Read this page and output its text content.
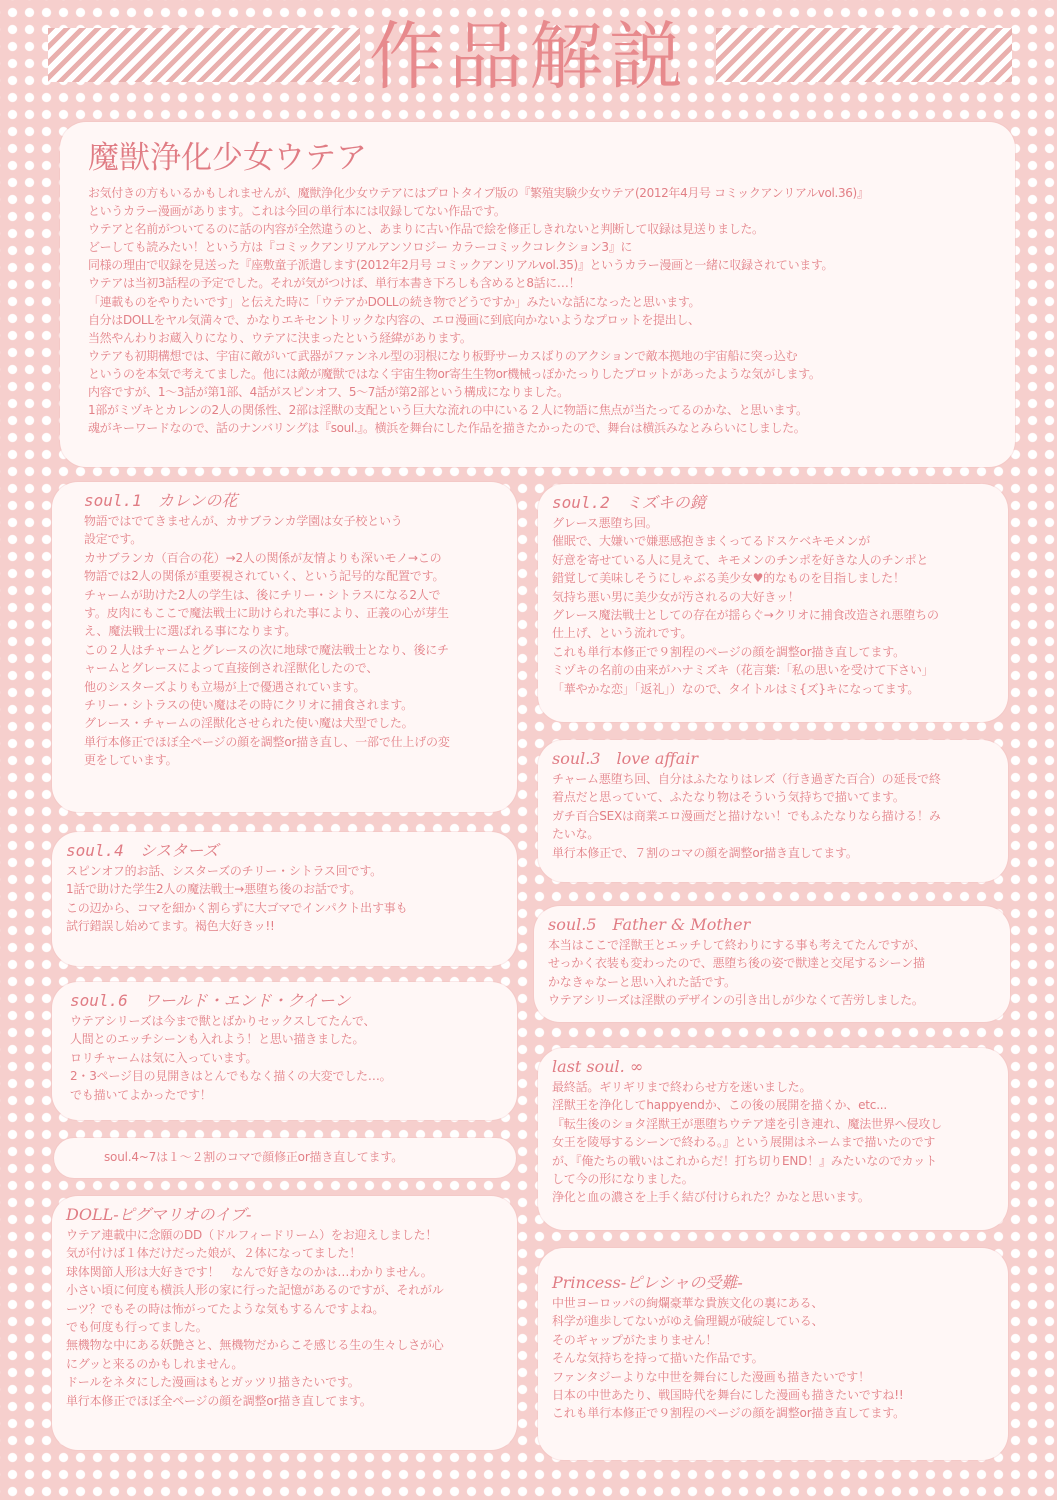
作品解説
魔獣浄化少女ウテア
お気付きの方もいるかもしれませんが、魔獣浄化少女ウテアにはプロトタイプ版の『繁殖実験少女ウテア(2012年4月号 コミックアンリアルvol.36)』
というカラー漫画があります。これは今回の単行本には収録してない作品です。
ウテアと名前がついてるのに話の内容が全然違うのと、あまりに古い作品で絵を修正しきれないと判断して収録は見送りました。
どーしても読みたい！という方は『コミックアンリアルアンソロジー カラーコミックコレクション3』に
同様の理由で収録を見送った『座敷童子派遣します(2012年2月号 コミックアンリアルvol.35)』というカラー漫画と一緒に収録されています。
ウテアは当初3話程の予定でした。それが気がつけば、単行本書き下ろしも含めると8話に…！
「連載ものをやりたいです」と伝えた時に「ウテアかDOLLの続き物でどうですか」みたいな話になったと思います。
自分はDOLLをヤル気満々で、かなりエキセントリックな内容の、エロ漫画に到底向かないようなプロットを提出し、
当然やんわりお蔵入りになり、ウテアに決まったという経緯があります。
ウテアも初期構想では、宇宙に敵がいて武器がファンネル型の羽根になり板野サーカスばりのアクションで敵本拠地の宇宙船に突っ込む
というのを本気で考えてました。他には敵が魔獣ではなく宇宙生物or寄生生物or機械っぽかたっりしたプロットがあったような気がします。
内容ですが、1～3話が第1部、4話がスピンオフ、5～7話が第2部という構成になりました。
1部がミヅキとカレンの2人の関係性、2部は淫獣の支配という巨大な流れの中にいる２人に物語に焦点が当たってるのかな、と思います。
魂がキーワードなので、話のナンバリングは『soul.』。横浜を舞台にした作品を描きたかったので、舞台は横浜みなとみらいにしました。
soul.1　カレンの花
物語ではでてきませんが、カサブランカ学園は女子校という
設定です。
カサブランカ（百合の花）→2人の関係が友情よりも深いモノ→この
物語では2人の関係が重要視されていく、という記号的な配置です。
チャームが助けた2人の学生は、後にチリー・シトラスになる2人で
す。皮肉にもここで魔法戦士に助けられた事により、正義の心が芽生
え、魔法戦士に選ばれる事になります。
この２人はチャームとグレースの次に地球で魔法戦士となり、後にチ
ャームとグレースによって直接倒され淫獣化したので、
他のシスターズよりも立場が上で優遇されています。
チリー・シトラスの使い魔はその時にクリオに捕食されます。
グレース・チャームの淫獣化させられた使い魔は犬型でした。
単行本修正でほぼ全ページの顔を調整or描き直し、一部で仕上げの変
更をしています。
soul.2　ミズキの鏡
グレース悪堕ち回。
催眠で、大嫌いで嫌悪感抱きまくってるドスケベキモメンが
好意を寄せている人に見えて、キモメンのチンポを好きな人のチンポと
錯覚して美味しそうにしゃぶる美少女♥的なものを目指しました！
気持ち悪い男に美少女が汚されるの大好きッ！
グレース魔法戦士としての存在が揺らぐ→クリオに捕食改造され悪堕ちの
仕上げ、という流れです。
これも単行本修正で９割程のページの顔を調整or描き直してます。
ミヅキの名前の由来がハナミズキ（花言葉:「私の思いを受けて下さい」
「華やかな恋」「返礼」）なので、タイトルはミ{ズ}キになってます。
soul.3　love affair
チャーム悪堕ち回、自分はふたなりはレズ（行き過ぎた百合）の延長で終
着点だと思っていて、ふたなり物はそういう気持ちで描いてます。
ガチ百合SEXは商業エロ漫画だと描けない！でもふたなりなら描ける！み
たいな。
単行本修正で、７割のコマの顔を調整or描き直してます。
soul.4　シスターズ
スピンオフ的お話、シスターズのチリー・シトラス回です。
1話で助けた学生2人の魔法戦士→悪堕ち後のお話です。
この辺から、コマを細かく割らずに大ゴマでインパクト出す事も
試行錯誤し始めてます。褐色大好きッ!!	soul.5　Father & Mother
本当はここで淫獣王とエッチして終わりにする事も考えてたんですが、
せっかく衣装も変わったので、悪堕ち後の姿で獣達と交尾するシーン描
かなきゃなーと思い入れた話です。
ウテアシリーズは淫獣のデザインの引き出しが少なくて苦労しました。
soul.6　ワールド・エンド・クイーン
ウテアシリーズは今まで獣とばかりセックスしてたんで、
人間とのエッチシーンも入れよう！と思い描きました。
ロリチャームは気に入っています。
2・3ページ目の見開きはとんでもなく描くの大変でした…。
でも描いてよかったです！
last soul. ∞
最終話。ギリギリまで終わらせ方を迷いました。
淫獣王を浄化してhappyendか、この後の展開を描くか、etc...
『転生後のショタ淫獣王が悪堕ちウテア達を引き連れ、魔法世界へ侵攻し
女王を陵辱するシーンで終わる。』という展開はネームまで描いたのです
が、『俺たちの戦いはこれからだ！打ち切りEND！』みたいなのでカット
して今の形になりました。
浄化と血の濃さを上手く結び付けられた？かなと思います。
soul.4~7は１～２割のコマで顔修正or描き直してます。
DOLL-ピグマリオのイブ-
ウテア連載中に念願のDD（ドルフィードリーム）をお迎えしました！
気が付けば１体だけだった娘が、２体になってました！
球体関節人形は大好きです！　なんで好きなのかは…わかりません。
小さい頃に何度も横浜人形の家に行った記憶があるのですが、それがル
ーツ？でもその時は怖がってたような気もするんですよね。
でも何度も行ってました。
無機物な中にある妖艶さと、無機物だからこそ感じる生の生々しさが心
にグッと来るのかもしれません。
ドールをネタにした漫画はもとガッツリ描きたいです。
単行本修正でほぼ全ページの顔を調整or描き直してます。
Princess-ピレシャの受難-
中世ヨーロッパの絢爛豪華な貴族文化の裏にある、
科学が進歩してないがゆえ倫理観が破綻している、
そのギャップがたまりません！
そんな気持ちを持って描いた作品です。
ファンタジーよりな中世を舞台にした漫画も描きたいです！
日本の中世あたり、戦国時代を舞台にした漫画も描きたいですね!!
これも単行本修正で９割程のページの顔を調整or描き直してます。
